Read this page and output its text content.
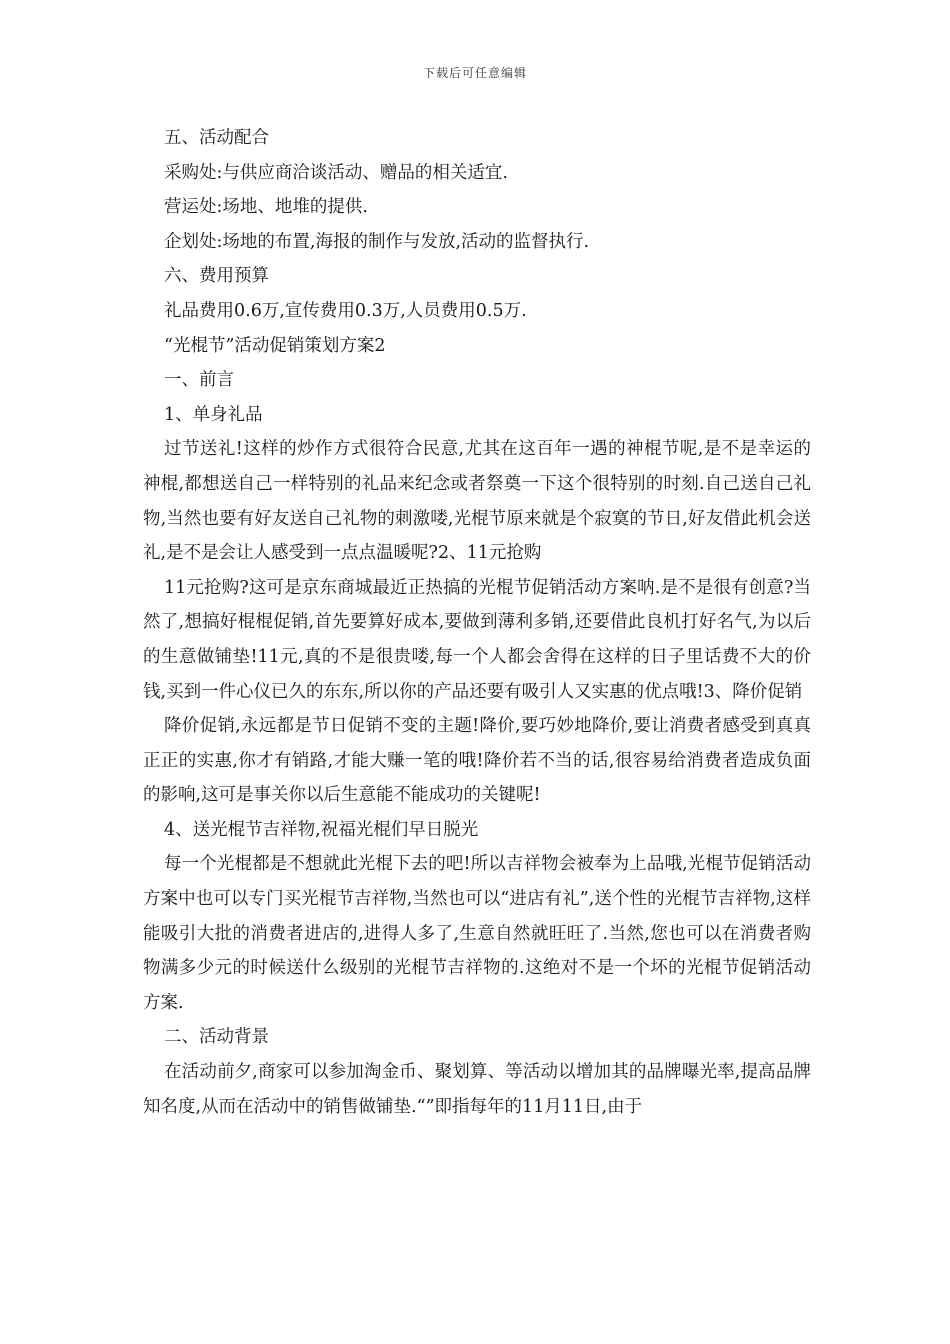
下载后可任意编辑

五、活动配合

采购处:与供应商洽谈活动、赠品的相关适宜.

营运处:场地、地堆的提供.

企划处:场地的布置,海报的制作与发放,活动的监督执行.

六、费用预算

礼品费用0.6万,宣传费用0.3万,人员费用0.5万.

“光棍节”活动促销策划方案2

一、前言

1、单身礼品

过节送礼!这样的炒作方式很符合民意,尤其在这百年一遇的神棍节呢,是不是幸运的神棍,都想送自己一样特别的礼品来纪念或者祭奠一下这个很特别的时刻.自己送自己礼物,当然也要有好友送自己礼物的刺激喽,光棍节原来就是个寂寞的节日,好友借此机会送礼,是不是会让人感受到一点点温暖呢?2、11元抢购

11元抢购?这可是京东商城最近正热搞的光棍节促销活动方案呐.是不是很有创意?当然了,想搞好棍棍促销,首先要算好成本,要做到薄利多销,还要借此良机打好名气,为以后的生意做铺垫!11元,真的不是很贵喽,每一个人都会舍得在这样的日子里话费不大的价钱,买到一件心仪已久的东东,所以你的产品还要有吸引人又实惠的优点哦!3、降价促销

降价促销,永远都是节日促销不变的主题!降价,要巧妙地降价,要让消费者感受到真真正正的实惠,你才有销路,才能大赚一笔的哦!降价若不当的话,很容易给消费者造成负面的影响,这可是事关你以后生意能不能成功的关键呢!

4、送光棍节吉祥物,祝福光棍们早日脱光

每一个光棍都是不想就此光棍下去的吧!所以吉祥物会被奉为上品哦,光棍节促销活动方案中也可以专门买光棍节吉祥物,当然也可以“进店有礼”,送个性的光棍节吉祥物,这样能吸引大批的消费者进店的,进得人多了,生意自然就旺旺了.当然,您也可以在消费者购物满多少元的时候送什么级别的光棍节吉祥物的.这绝对不是一个坏的光棍节促销活动方案.

二、活动背景

在活动前夕,商家可以参加淘金币、聚划算、等活动以增加其的品牌曝光率,提高品牌知名度,从而在活动中的销售做铺垫.“”即指每年的11月11日,由于
